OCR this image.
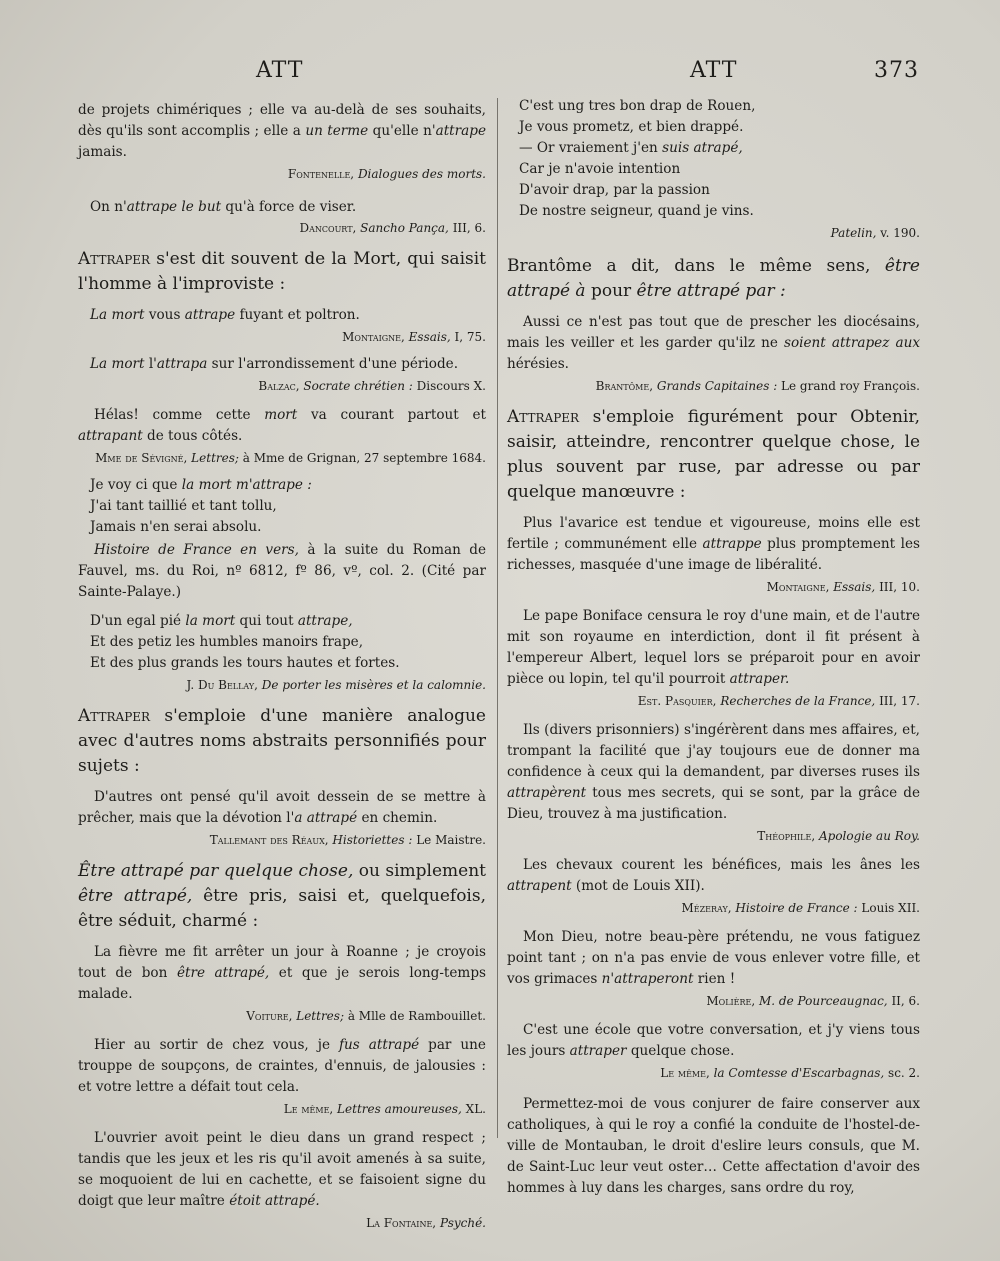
ATT	ATT	373

de projets chimériques ; elle va au-delà de ses souhaits, dès qu'ils sont accomplis ; elle a un terme qu'elle n'attrape jamais.

Fontenelle, Dialogues des morts.

On n'attrape le but qu'à force de viser.

Dancourt, Sancho Pança, III, 6.

Attraper s'est dit souvent de la Mort, qui saisit l'homme à l'improviste :

La mort vous attrape fuyant et poltron.

Montaigne, Essais, I, 75.

La mort l'attrapa sur l'arrondissement d'une période.

Balzac, Socrate chrétien : Discours X.

Hélas! comme cette mort va courant partout et attrapant de tous côtés.

Mme de Sévigné, Lettres; à Mme de Grignan, 27 septembre 1684.

Je voy ci que la mort m'attrape :
J'ai tant taillié et tant tollu,
Jamais n'en serai absolu.

Histoire de France en vers, à la suite du Roman de Fauvel, ms. du Roi, nº 6812, fº 86, vº, col. 2. (Cité par Sainte-Palaye.)

D'un egal pié la mort qui tout attrape,
Et des petiz les humbles manoirs frape,
Et des plus grands les tours hautes et fortes.

J. Du Bellay, De porter les misères et la calomnie.

Attraper s'emploie d'une manière analogue avec d'autres noms abstraits personnifiés pour sujets :

D'autres ont pensé qu'il avoit dessein de se mettre à prêcher, mais que la dévotion l'a attrapé en chemin.

Tallemant des Réaux, Historiettes : Le Maistre.

Être attrapé par quelque chose, ou simplement être attrapé, être pris, saisi et, quelquefois, être séduit, charmé :

La fièvre me fit arrêter un jour à Roanne ; je croyois tout de bon être attrapé, et que je serois long-temps malade.

Voiture, Lettres; à Mlle de Rambouillet.

Hier au sortir de chez vous, je fus attrapé par une trouppe de soupçons, de craintes, d'ennuis, de jalousies : et votre lettre a défait tout cela.

Le même, Lettres amoureuses, XL.

L'ouvrier avoit peint le dieu dans un grand respect ; tandis que les jeux et les ris qu'il avoit amenés à sa suite, se moquoient de lui en cachette, et se faisoient signe du doigt que leur maître étoit attrapé.

La Fontaine, Psyché.

C'est ung tres bon drap de Rouen,
Je vous prometz, et bien drappé.
— Or vraiement j'en suis atrapé,
Car je n'avoie intention
D'avoir drap, par la passion
De nostre seigneur, quand je vins.

Patelin, v. 190.

Brantôme a dit, dans le même sens, être attrapé à pour être attrapé par :

Aussi ce n'est pas tout que de prescher les diocésains, mais les veiller et les garder qu'ilz ne soient attrapez aux hérésies.

Brantôme, Grands Capitaines : Le grand roy François.

Attraper s'emploie figurément pour Obtenir, saisir, atteindre, rencontrer quelque chose, le plus souvent par ruse, par adresse ou par quelque manœuvre :

Plus l'avarice est tendue et vigoureuse, moins elle est fertile ; communément elle attrappe plus promptement les richesses, masquée d'une image de libéralité.

Montaigne, Essais, III, 10.

Le pape Boniface censura le roy d'une main, et de l'autre mit son royaume en interdiction, dont il fit présent à l'empereur Albert, lequel lors se préparoit pour en avoir pièce ou lopin, tel qu'il pourroit attraper.

Est. Pasquier, Recherches de la France, III, 17.

Ils (divers prisonniers) s'ingérèrent dans mes affaires, et, trompant la facilité que j'ay toujours eue de donner ma confidence à ceux qui la demandent, par diverses ruses ils attrapèrent tous mes secrets, qui se sont, par la grâce de Dieu, trouvez à ma justification.

Théophile, Apologie au Roy.

Les chevaux courent les bénéfices, mais les ânes les attrapent (mot de Louis XII).

Mézeray, Histoire de France : Louis XII.

Mon Dieu, notre beau-père prétendu, ne vous fatiguez point tant ; on n'a pas envie de vous enlever votre fille, et vos grimaces n'attraperont rien !

Molière, M. de Pourceaugnac, II, 6.

C'est une école que votre conversation, et j'y viens tous les jours attraper quelque chose.

Le même, la Comtesse d'Escarbagnas, sc. 2.

Permettez-moi de vous conjurer de faire conserver aux catholiques, à qui le roy a confié la conduite de l'hostel-de-ville de Montauban, le droit d'eslire leurs consuls, que M. de Saint-Luc leur veut oster… Cette affectation d'avoir des hommes à luy dans les charges, sans ordre du roy,
